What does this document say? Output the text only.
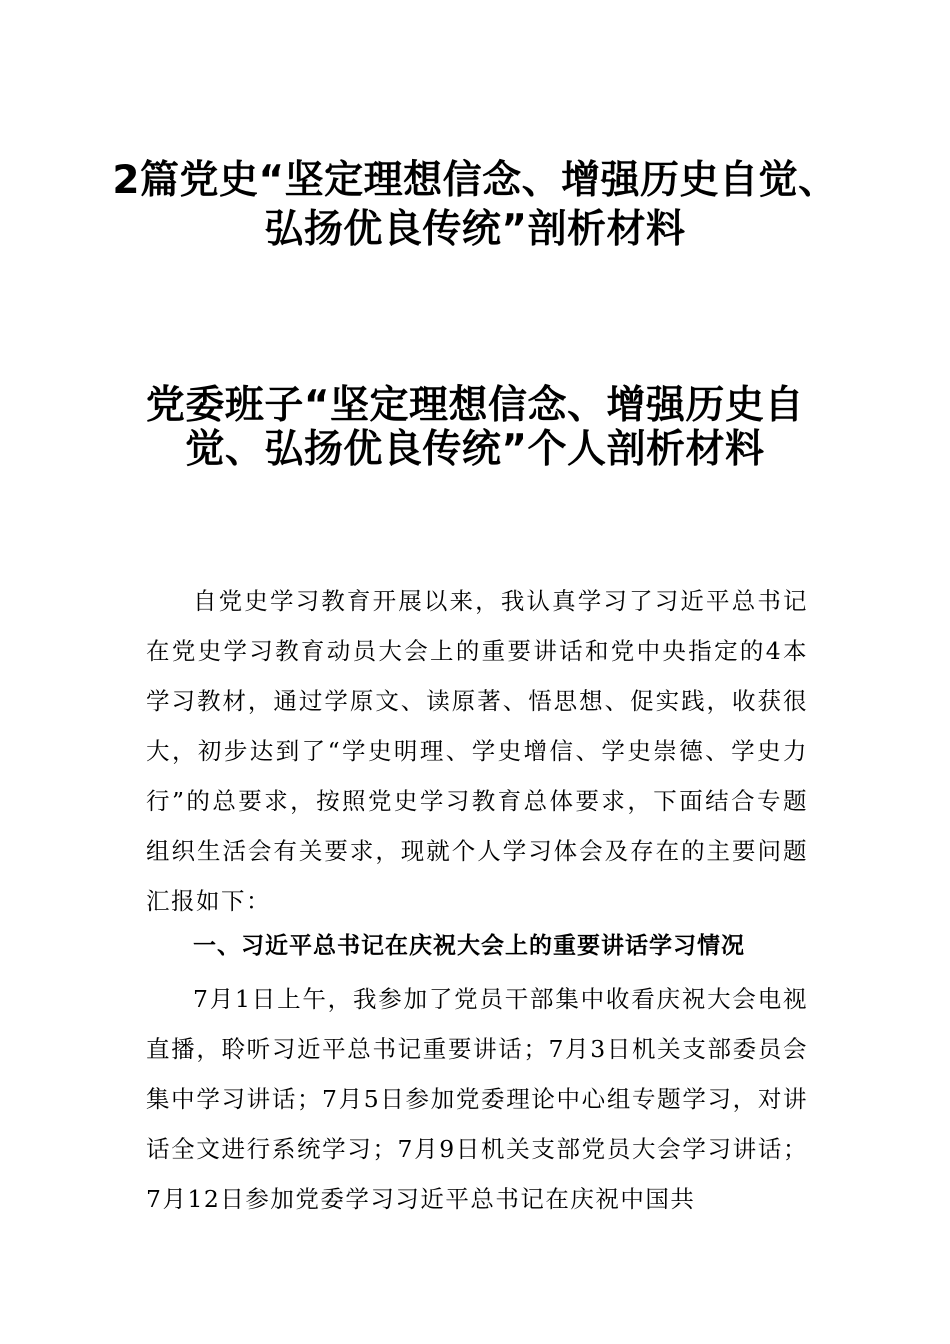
2篇党史“坚定理想信念、增强历史自觉、弘扬优良传统”剖析材料
党委班子“坚定理想信念、增强历史自觉、弘扬优良传统”个人剖析材料

自党史学习教育开展以来，我认真学习了习近平总书记在党史学习教育动员大会上的重要讲话和党中央指定的4本学习教材，通过学原文、读原著、悟思想、促实践，收获很大，初步达到了“学史明理、学史增信、学史崇德、学史力行”的总要求，按照党史学习教育总体要求，下面结合专题组织生活会有关要求，现就个人学习体会及存在的主要问题汇报如下：

一、习近平总书记在庆祝大会上的重要讲话学习情况

7月1日上午，我参加了党员干部集中收看庆祝大会电视直播，聆听习近平总书记重要讲话；7月3日机关支部委员会集中学习讲话；7月5日参加党委理论中心组专题学习，对讲话全文进行系统学习；7月9日机关支部党员大会学习讲话；7月12日参加党委学习习近平总书记在庆祝中国共
